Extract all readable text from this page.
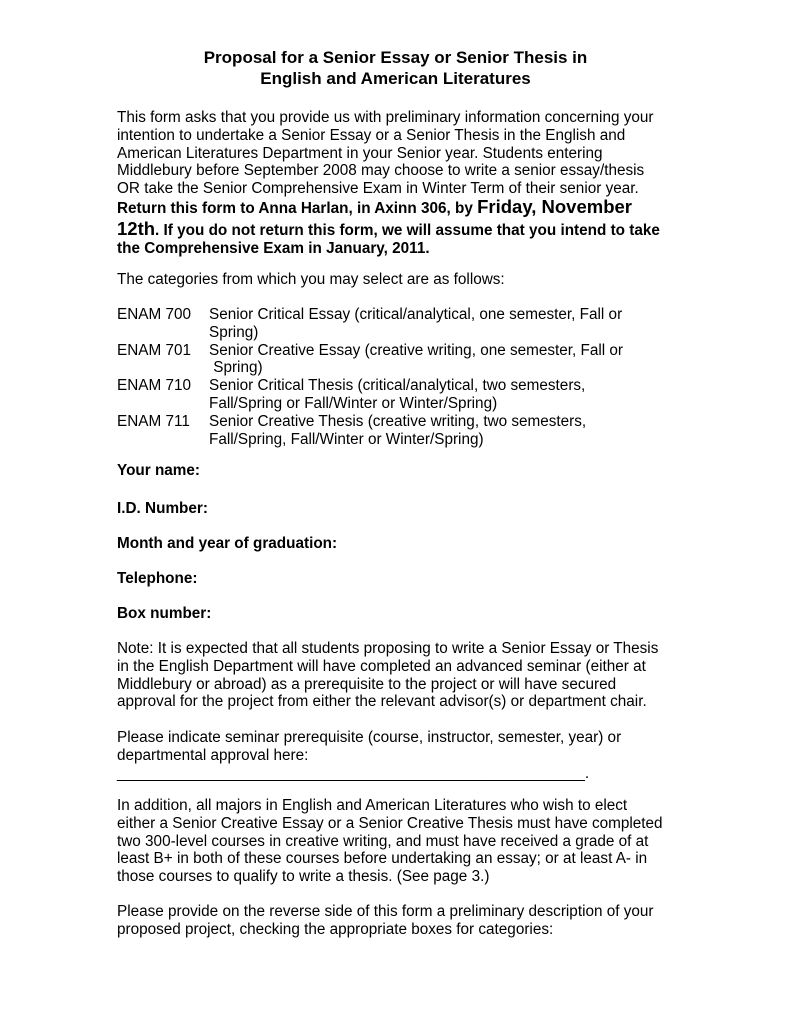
Proposal for a Senior Essay or Senior Thesis in
English and American Literatures
This form asks that you provide us with preliminary information concerning your
intention to undertake a Senior Essay or a Senior Thesis in the English and
American Literatures Department in your Senior year. Students entering
Middlebury before September 2008 may choose to write a senior essay/thesis
OR take the Senior Comprehensive Exam in Winter Term of their senior year.
Return this form to Anna Harlan, in Axinn 306, by Friday, November
12th. If you do not return this form, we will assume that you intend to take
the Comprehensive Exam in January, 2011.
The categories from which you may select are as follows:
ENAM 700 Senior Critical Essay (critical/analytical, one semester, Fall or
Spring)
ENAM 701 Senior Creative Essay (creative writing, one semester, Fall or
Spring)
ENAM 710 Senior Critical Thesis (critical/analytical, two semesters,
Fall/Spring or Fall/Winter or Winter/Spring)
ENAM 711 Senior Creative Thesis (creative writing, two semesters,
Fall/Spring, Fall/Winter or Winter/Spring)
Your name:
I.D. Number:
Month and year of graduation:
Telephone:
Box number:
Note: It is expected that all students proposing to write a Senior Essay or Thesis
in the English Department will have completed an advanced seminar (either at
Middlebury or abroad) as a prerequisite to the project or will have secured
approval for the project from either the relevant advisor(s) or department chair.
Please indicate seminar prerequisite (course, instructor, semester, year) or
departmental approval here:
_______________________________________________________.
In addition, all majors in English and American Literatures who wish to elect
either a Senior Creative Essay or a Senior Creative Thesis must have completed
two 300-level courses in creative writing, and must have received a grade of at
least B+ in both of these courses before undertaking an essay; or at least A- in
those courses to qualify to write a thesis. (See page 3.)
Please provide on the reverse side of this form a preliminary description of your
proposed project, checking the appropriate boxes for categories:
